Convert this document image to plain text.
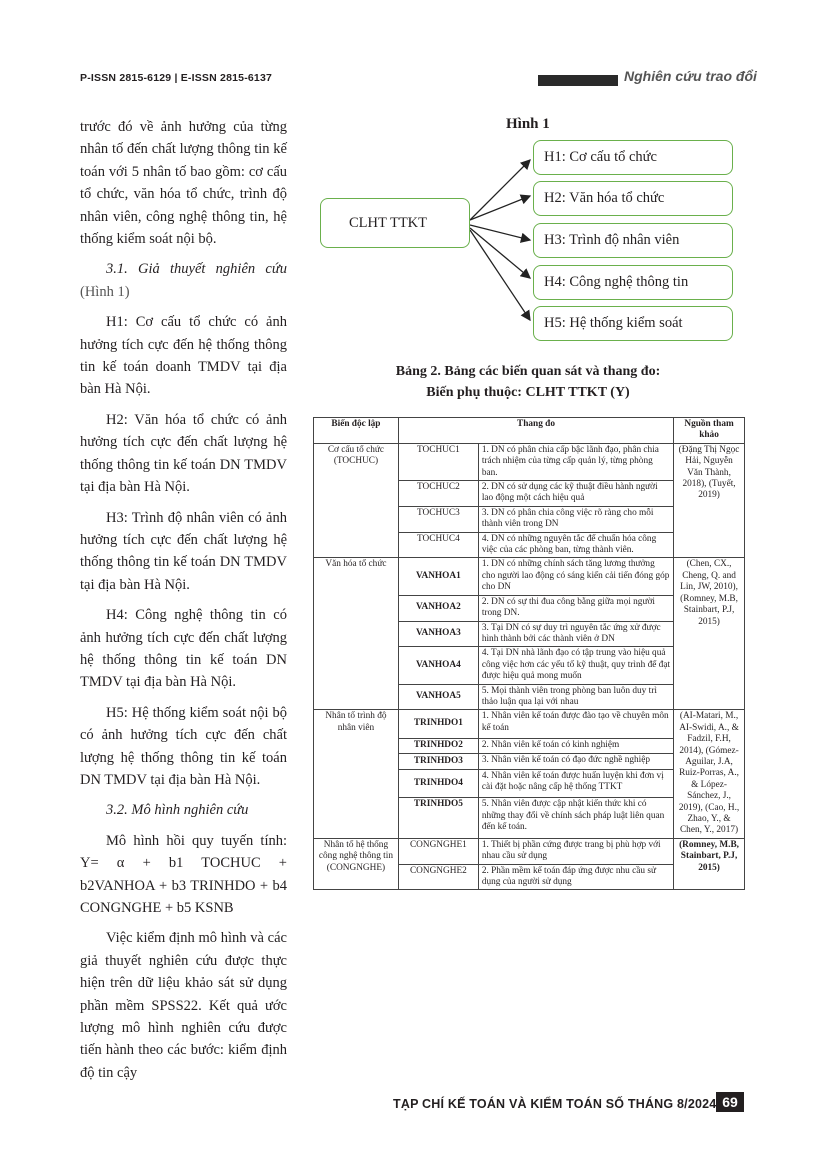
P-ISSN 2815-6129 | E-ISSN 2815-6137	Nghiên cứu trao đổi

trước đó về ảnh hưởng của từng nhân tố đến chất lượng thông tin kế toán với 5 nhân tố bao gồm: cơ cấu tổ chức, văn hóa tổ chức, trình độ nhân viên, công nghệ thông tin, hệ thống kiểm soát nội bộ.

3.1. Giả thuyết nghiên cứu (Hình 1)

H1: Cơ cấu tổ chức có ảnh hưởng tích cực đến hệ thống thông tin kế toán doanh TMDV tại địa bàn Hà Nội.

H2: Văn hóa tổ chức có ảnh hưởng tích cực đến chất lượng hệ thống thông tin kế toán DN TMDV tại địa bàn Hà Nội.

H3: Trình độ nhân viên có ảnh hưởng tích cực đến chất lượng hệ thống thông tin kế toán DN TMDV tại địa bàn Hà Nội.

H4: Công nghệ thông tin có ảnh hưởng tích cực đến chất lượng hệ thống thông tin kế toán DN TMDV tại địa bàn Hà Nội.

H5: Hệ thống kiểm soát nội bộ có ảnh hưởng tích cực đến chất lượng hệ thống thông tin kế toán DN TMDV tại địa bàn Hà Nội.

3.2. Mô hình nghiên cứu

Mô hình hồi quy tuyến tính: Y= α + b1 TOCHUC + b2VANHOA + b3 TRINHDO + b4 CONGNGHE + b5 KSNB

Việc kiểm định mô hình và các giả thuyết nghiên cứu được thực hiện trên dữ liệu khảo sát sử dụng phần mềm SPSS22. Kết quả ước lượng mô hình nghiên cứu được tiến hành theo các bước: kiểm định độ tin cậy

Hình 1
CLHT TTKT
H1: Cơ cấu tổ chức
H2: Văn hóa tổ chức
H3: Trình độ nhân viên
H4: Công nghệ thông tin
H5: Hệ thống kiểm soát
Bảng 2. Bảng các biến quan sát và thang đo:
Biến phụ thuộc: CLHT TTKT (Y)
Biến độc lập	Thang đo		Nguồn tham khảo
Cơ cấu tổ chức (TOCHUC)	TOCHUC1	1. DN có phân chia cấp bậc lãnh đạo, phân chia trách nhiệm của từng cấp quản lý, từng phòng ban.	(Đặng Thị Ngọc Hải, Nguyễn Văn Thành, 2018), (Tuyết, 2019)
	TOCHUC2	2. DN có sử dụng các kỹ thuật điều hành người lao động một cách hiệu quả	
	TOCHUC3	3. DN có phân chia công việc rõ ràng cho mỗi thành viên trong DN	
	TOCHUC4	4. DN có những nguyên tắc để chuẩn hóa công việc của các phòng ban, từng thành viên.	
Văn hóa tổ chức	VANHOA1	1. DN có những chính sách tăng lương thưởng cho người lao động có sáng kiến cải tiến đóng góp cho DN	(Chen, CX., Cheng, Q. and Lin, JW, 2010), (Romney, M.B, Stainbart, P.J, 2015)
	VANHOA2	2. DN có sự thi đua công bằng giữa mọi người trong DN.	
	VANHOA3	3. Tại DN có sự duy trì nguyên tắc ứng xử được hình thành bởi các thành viên ở DN	
	VANHOA4	4. Tại DN nhà lãnh đạo có tập trung vào hiệu quả công việc hơn các yếu tố kỹ thuật, quy trình để đạt được hiệu quả mong muốn	
	VANHOA5	5. Mọi thành viên trong phòng ban luôn duy trì thảo luận qua lại với nhau	
Nhân tố trình độ nhân viên	TRINHDO1	1. Nhân viên kế toán được đào tạo về chuyên môn kế toán	(AI-Matari, M., AI-Swidi, A., & Fadzil, F.H, 2014), (Gómez-Aguilar, J.A, Ruiz-Porras, A., & López-Sánchez, J., 2019), (Cao, H., Zhao, Y., & Chen, Y., 2017)
	TRINHDO2	2. Nhân viên kế toán có kinh nghiệm	
	TRINHDO3	3. Nhân viên kế toán có đạo đức nghề nghiệp	
	TRINHDO4	4. Nhân viên kế toán được huấn luyện khi đơn vị cài đặt hoặc nâng cấp hệ thống TTKT	
	TRINHDO5	5. Nhân viên được cập nhật kiến thức khi có những thay đổi về chính sách pháp luật liên quan đến kế toán.	
Nhân tố hệ thống công nghệ thông tin (CONGNGHE)	CONGNGHE1	1. Thiết bị phần cứng được trang bị phù hợp với nhau cầu sử dụng	(Romney, M.B, Stainbart, P.J, 2015)
	CONGNGHE2	2. Phần mềm kế toán đáp ứng được nhu cầu sử dụng của người sử dụng	
TẠP CHÍ KẾ TOÁN VÀ KIỂM TOÁN SỐ THÁNG 8/2024 69
